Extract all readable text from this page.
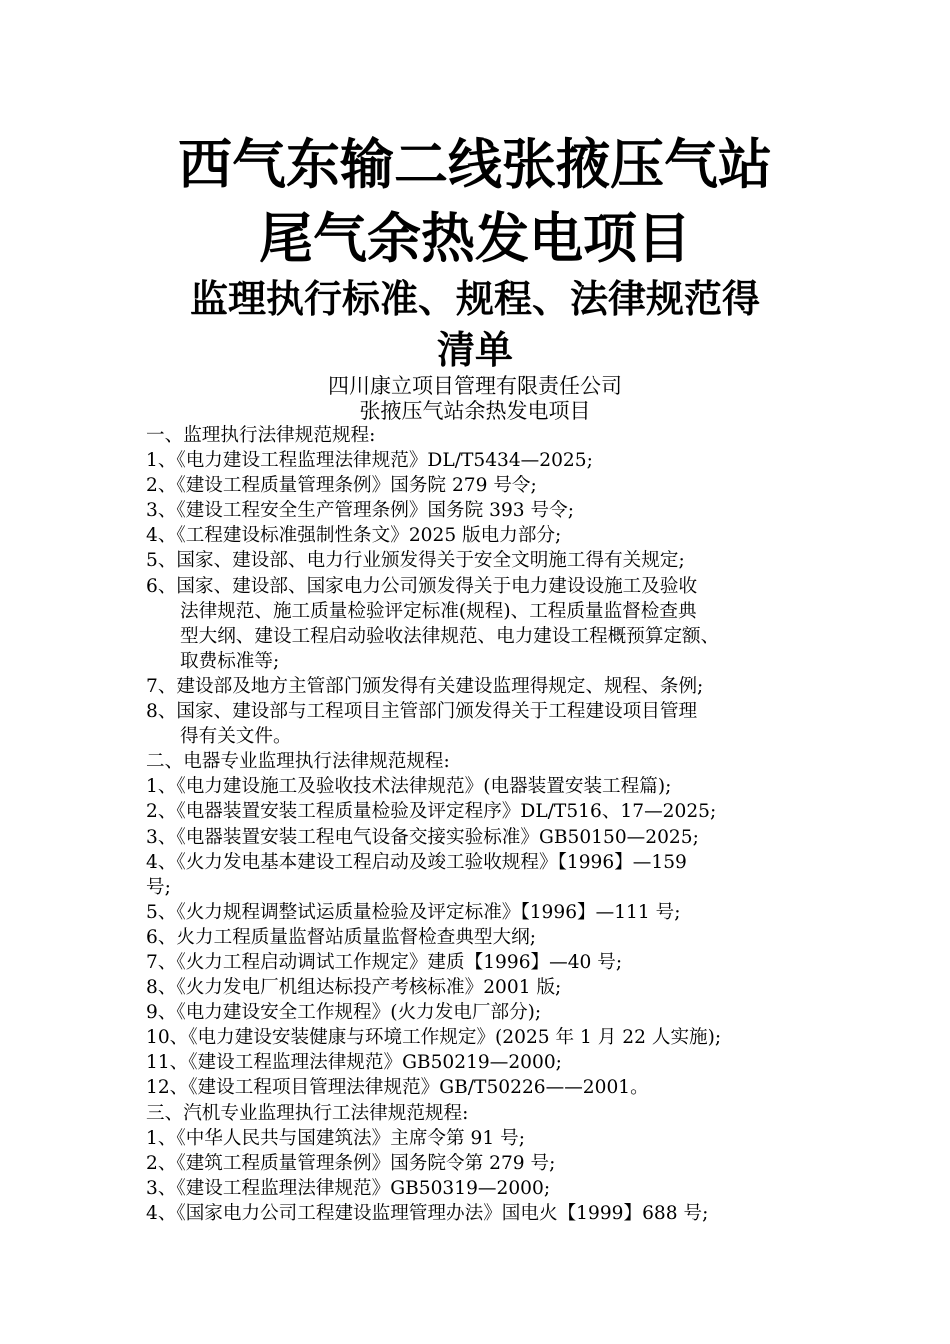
西气东输二线张掖压气站
尾气余热发电项目
监理执行标准、规程、法律规范得
清单
四川康立项目管理有限责任公司
张掖压气站余热发电项目
一、监理执行法律规范规程:
1、《电力建设工程监理法律规范》DL/T5434—2025;
2、《建设工程质量管理条例》国务院 279 号令;
3、《建设工程安全生产管理条例》国务院 393 号令;
4、《工程建设标准强制性条文》2025 版电力部分;
5、国家、建设部、电力行业颁发得关于安全文明施工得有关规定;
6、国家、建设部、国家电力公司颁发得关于电力建设设施工及验收
法律规范、施工质量检验评定标准(规程)、工程质量监督检查典
型大纲、建设工程启动验收法律规范、电力建设工程概预算定额、
取费标准等;
7、建设部及地方主管部门颁发得有关建设监理得规定、规程、条例;
8、国家、建设部与工程项目主管部门颁发得关于工程建设项目管理
得有关文件。
二、电器专业监理执行法律规范规程:
1、《电力建设施工及验收技术法律规范》(电器装置安装工程篇);
2、《电器装置安装工程质量检验及评定程序》DL/T516、17—2025;
3、《电器装置安装工程电气设备交接实验标准》GB50150—2025;
4、《火力发电基本建设工程启动及竣工验收规程》【1996】—159
号;
5、《火力规程调整试运质量检验及评定标准》【1996】—111 号;
6、火力工程质量监督站质量监督检查典型大纲;
7、《火力工程启动调试工作规定》建质【1996】—40 号;
8、《火力发电厂机组达标投产考核标准》2001 版;
9、《电力建设安全工作规程》(火力发电厂部分);
10、《电力建设安装健康与环境工作规定》(2025 年 1 月 22 人实施);
11、《建设工程监理法律规范》GB50219—2000;
12、《建设工程项目管理法律规范》GB/T50226——2001。
三、汽机专业监理执行工法律规范规程:
1、《中华人民共与国建筑法》主席令第 91 号;
2、《建筑工程质量管理条例》国务院令第 279 号;
3、《建设工程监理法律规范》GB50319—2000;
4、《国家电力公司工程建设监理管理办法》国电火【1999】688 号;
